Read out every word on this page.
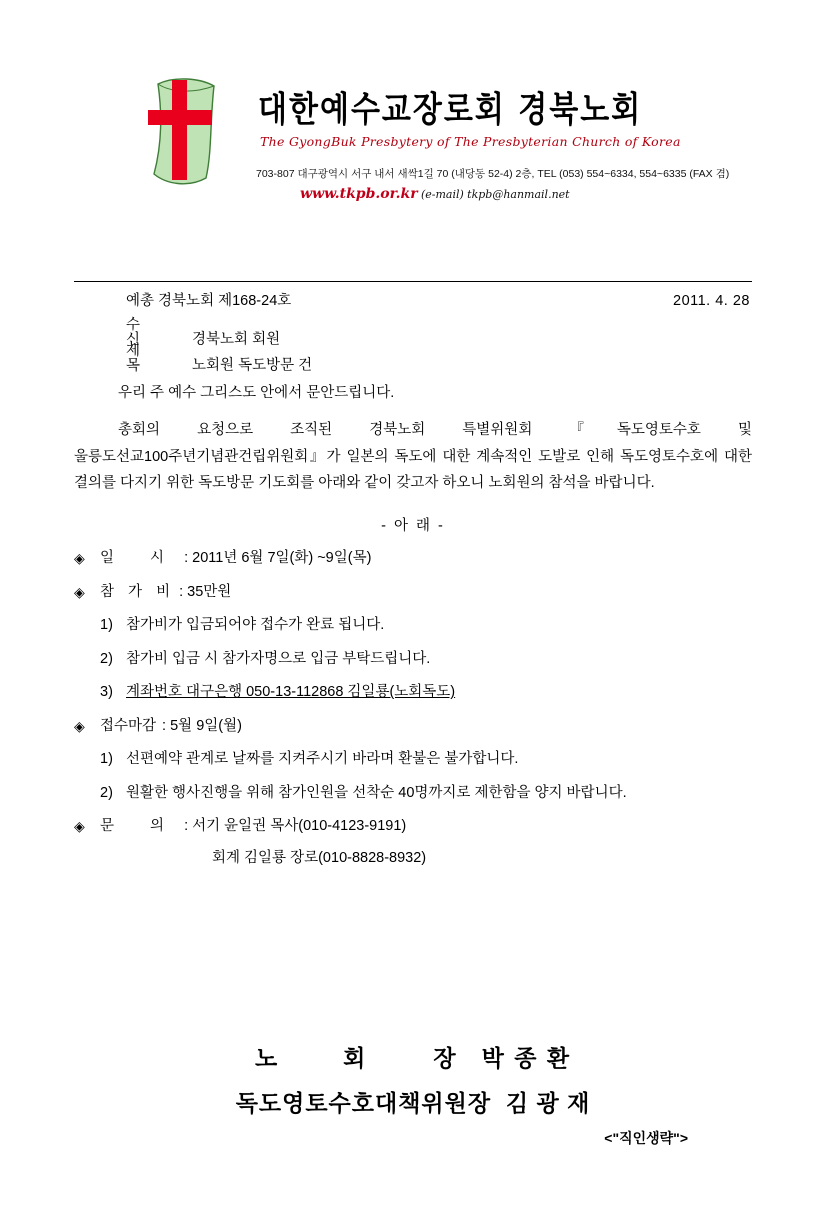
대한예수교장로회 경북노회
The GyongBuk Presbytery of The Presbyterian Church of Korea
703-807 대구광역시 서구 내서 새싹1길 70 (내당동 52-4) 2층, TEL (053) 554~6334, 554~6335 (FAX 겸)
www.tkpb.or.kr (e-mail) tkpb@hanmail.net
예총 경북노회 제168-24호	2011. 4. 28
수 신	경북노회 회원
제 목	노회원 독도방문 건
우리 주 예수 그리스도 안에서 문안드립니다.
총회의 요청으로 조직된 경북노회 특별위원회 『독도영토수호 및 울릉도선교100주년기념관건립위원회』가 일본의 독도에 대한 계속적인 도발로 인해 독도영토수호에 대한 결의를 다지기 위한 독도방문 기도회를 아래와 같이 갖고자 하오니 노회원의 참석을 바랍니다.
- 아 래 -
◈ 일 시 : 2011년 6월 7일(화) ~9일(목)
◈ 참 가 비 : 35만원
1) 참가비가 입금되어야 접수가 완료 됩니다.
2) 참가비 입금 시 참가자명으로 입금 부탁드립니다.
3) 계좌번호 대구은행 050-13-112868 김일룡(노회독도)
◈ 접수마감 : 5월 9일(월)
1) 선편예약 관계로 날짜를 지켜주시기 바라며 환불은 불가합니다.
2) 원활한 행사진행을 위해 참가인원을 선착순 40명까지로 제한함을 양지 바랍니다.
◈ 문 의 : 서기 윤일권 목사(010-4123-9191)
회계 김일룡 장로(010-8828-8932)
노	회	장 박 종 환
독도영토수호대책위원장 김 광 재
<"직인생략">
